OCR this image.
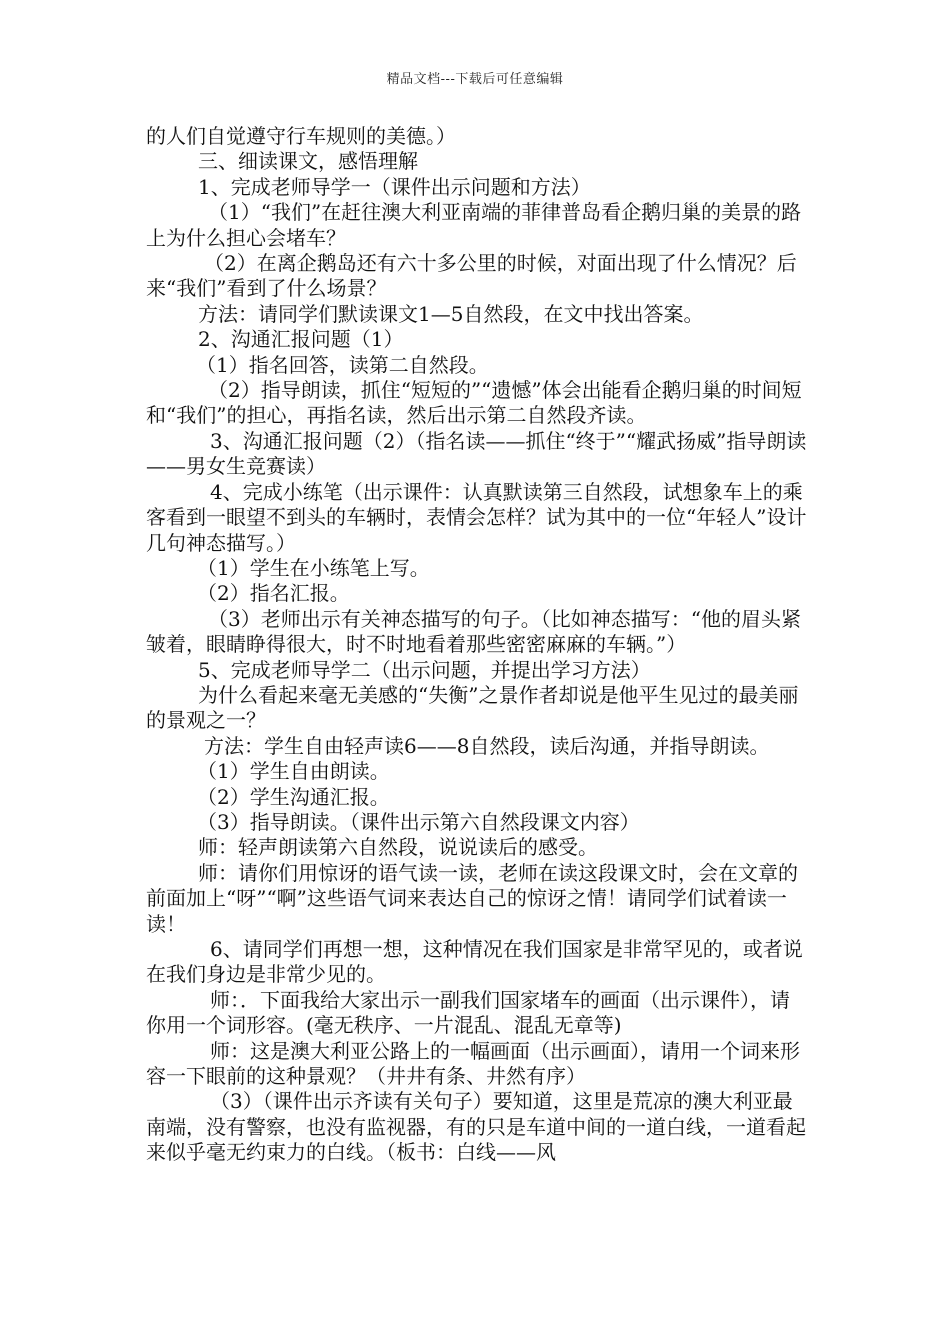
精品文档---下载后可任意编辑

的人们自觉遵守行车规则的美德。）

三、细读课文，感悟理解

1、完成老师导学一（课件出示问题和方法）

（1）“我们”在赶往澳大利亚南端的菲律普岛看企鹅归巢的美景的路上为什么担心会堵车？

（2）在离企鹅岛还有六十多公里的时候，对面出现了什么情况？后来“我们”看到了什么场景？

方法：请同学们默读课文1—5自然段，在文中找出答案。

2、沟通汇报问题（1）

（1）指名回答，读第二自然段。

（2）指导朗读，抓住“短短的”“遗憾”体会出能看企鹅归巢的时间短和“我们”的担心，再指名读，然后出示第二自然段齐读。

3、沟通汇报问题（2）（指名读——抓住“终于”“耀武扬威”指导朗读——男女生竞赛读）

4、完成小练笔（出示课件：认真默读第三自然段，试想象车上的乘客看到一眼望不到头的车辆时，表情会怎样？试为其中的一位“年轻人”设计几句神态描写。）

（1）学生在小练笔上写。

（2）指名汇报。

（3）老师出示有关神态描写的句子。（比如神态描写：“他的眉头紧皱着，眼睛睁得很大，时不时地看着那些密密麻麻的车辆。”）

5、完成老师导学二（出示问题，并提出学习方法）

为什么看起来毫无美感的“失衡”之景作者却说是他平生见过的最美丽的景观之一？

方法：学生自由轻声读6——8自然段，读后沟通，并指导朗读。

（1）学生自由朗读。

（2）学生沟通汇报。

（3）指导朗读。（课件出示第六自然段课文内容）

师：轻声朗读第六自然段，说说读后的感受。

师：请你们用惊讶的语气读一读，老师在读这段课文时，会在文章的前面加上“呀”“啊”这些语气词来表达自己的惊讶之情！请同学们试着读一读！

6、请同学们再想一想，这种情况在我们国家是非常罕见的，或者说在我们身边是非常少见的。

师：．下面我给大家出示一副我们国家堵车的画面（出示课件），请你用一个词形容。(毫无秩序、一片混乱、混乱无章等)

师：这是澳大利亚公路上的一幅画面（出示画面），请用一个词来形容一下眼前的这种景观？（井井有条、井然有序）

（3）（课件出示齐读有关句子）要知道，这里是荒凉的澳大利亚最南端，没有警察，也没有监视器，有的只是车道中间的一道白线，一道看起来似乎毫无约束力的白线。（板书：白线——风
